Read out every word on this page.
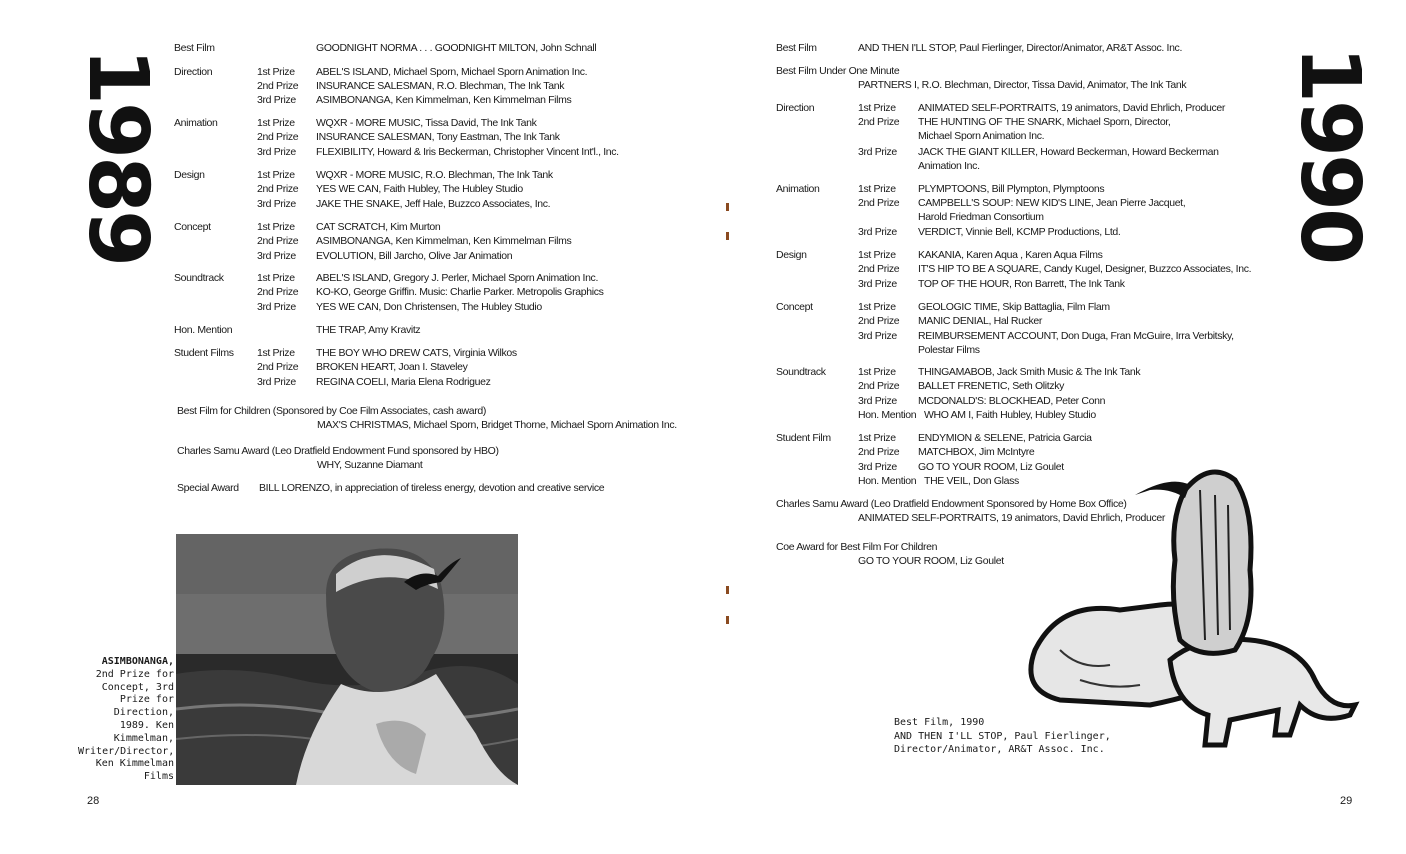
1989 Best Film	GOODNIGHT NORMA . . . GOODNIGHT MILTON, John Schnall
Direction	1st Prize ABEL'S ISLAND, Michael Sporn, Michael Sporn Animation Inc.
2nd Prize INSURANCE SALESMAN, R.O. Blechman, The Ink Tank
3rd Prize ASIMBONANGA, Ken Kimmelman, Ken Kimmelman Films
Animation	1st Prize WQXR - MORE MUSIC, Tissa David, The Ink Tank
2nd Prize INSURANCE SALESMAN, Tony Eastman, The Ink Tank
3rd Prize FLEXIBILITY, Howard & Iris Beckerman, Christopher Vincent Int'l., Inc.
Design	1st Prize WQXR - MORE MUSIC, R.O. Blechman, The Ink Tank
2nd Prize YES WE CAN, Faith Hubley, The Hubley Studio
3rd Prize JAKE THE SNAKE, Jeff Hale, Buzzco Associates, Inc.
Concept	1st Prize CAT SCRATCH, Kim Murton
2nd Prize ASIMBONANGA, Ken Kimmelman, Ken Kimmelman Films
3rd Prize EVOLUTION, Bill Jarcho, Olive Jar Animation
Soundtrack	1st Prize ABEL'S ISLAND, Gregory J. Perler, Michael Sporn Animation Inc.
2nd Prize KO-KO, George Griffin. Music: Charlie Parker. Metropolis Graphics
3rd Prize YES WE CAN, Don Christensen, The Hubley Studio
Hon. Mention	THE TRAP, Amy Kravitz
Student Films 1st Prize THE BOY WHO DREW CATS, Virginia Wilkos
2nd Prize BROKEN HEART, Joan I. Staveley
3rd Prize REGINA COELI, Maria Elena Rodriguez
Best Film for Children (Sponsored by Coe Film Associates, cash award)
MAX'S CHRISTMAS, Michael Sporn, Bridget Thorne, Michael Sporn Animation Inc.
Charles Samu Award (Leo Dratfield Endowment Fund sponsored by HBO)
WHY, Suzanne Diamant
Special Award BILL LORENZO, in appreciation of tireless energy, devotion and creative service
ASIMBONANGA, 2nd Prize for Concept, 3rd Prize for Direction, 1989. Ken Kimmelman, Writer/Director, Ken Kimmelman Films
28
1990
Best Film	AND THEN I'LL STOP, Paul Fierlinger, Director/Animator, AR&T Assoc. Inc.
Best Film Under One Minute
PARTNERS I, R.O. Blechman, Director, Tissa David, Animator, The Ink Tank
Direction	1st Prize ANIMATED SELF-PORTRAITS, 19 animators, David Ehrlich, Producer
2nd Prize THE HUNTING OF THE SNARK, Michael Sporn, Director,
Michael Sporn Animation Inc.
3rd Prize JACK THE GIANT KILLER, Howard Beckerman, Howard Beckerman
Animation Inc.
Animation	1st Prize PLYMPTOONS, Bill Plympton, Plymptoons
2nd Prize CAMPBELL'S SOUP: NEW KID'S LINE, Jean Pierre Jacquet,
Harold Friedman Consortium
3rd Prize VERDICT, Vinnie Bell, KCMP Productions, Ltd.
Design	1st Prize KAKANIA, Karen Aqua , Karen Aqua Films
2nd Prize IT'S HIP TO BE A SQUARE, Candy Kugel, Designer, Buzzco Associates, Inc.
3rd Prize TOP OF THE HOUR, Ron Barrett, The Ink Tank
Concept	1st Prize GEOLOGIC TIME, Skip Battaglia, Film Flam
2nd Prize MANIC DENIAL, Hal Rucker
3rd Prize REIMBURSEMENT ACCOUNT, Don Duga, Fran McGuire, Irra Verbitsky,
Polestar Films
Soundtrack	1st Prize THINGAMABOB, Jack Smith Music & The Ink Tank
2nd Prize BALLET FRENETIC, Seth Olitzky
3rd Prize MCDONALD'S: BLOCKHEAD, Peter Conn
Hon. Mention WHO AM I, Faith Hubley, Hubley Studio
Student Film	1st Prize ENDYMION & SELENE, Patricia Garcia
2nd Prize MATCHBOX, Jim McIntyre
3rd Prize GO TO YOUR ROOM, Liz Goulet
Hon. Mention THE VEIL, Don Glass
Charles Samu Award (Leo Dratfield Endowment Sponsored by Home Box Office)
ANIMATED SELF-PORTRAITS, 19 animators, David Ehrlich, Producer
Coe Award for Best Film For Children
GO TO YOUR ROOM, Liz Goulet
Best Film, 1990
AND THEN I'LL STOP, Paul Fierlinger,
Director/Animator, AR&T Assoc. Inc.
29
